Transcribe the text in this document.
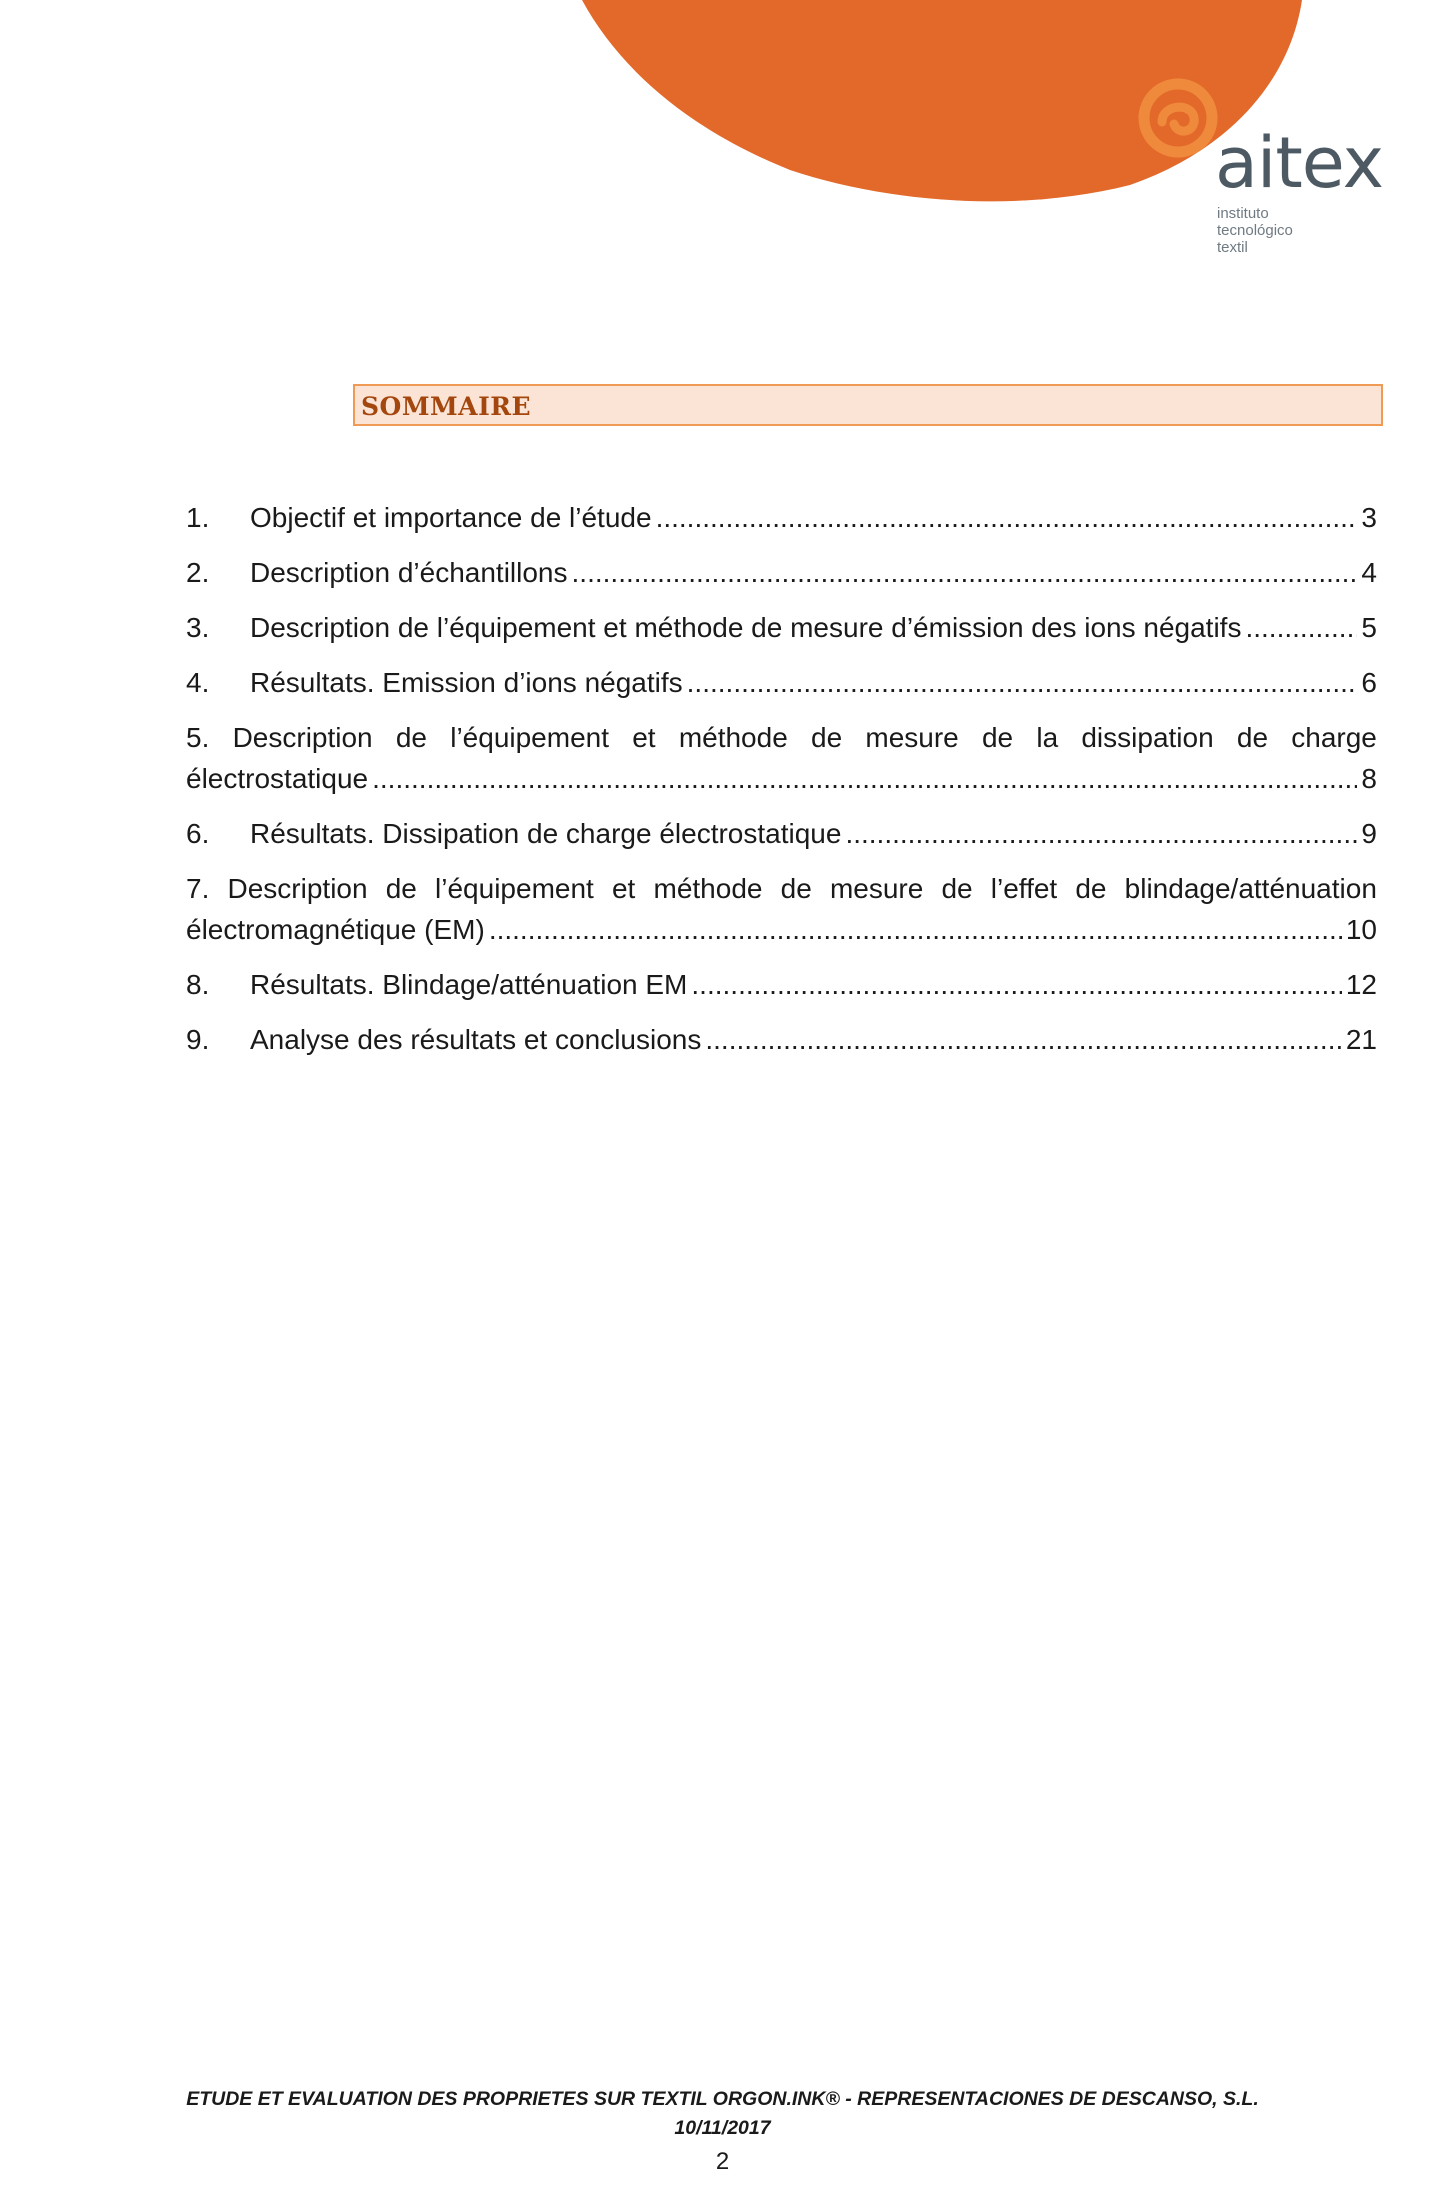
aitex
instituto
tecnológico
textil
SOMMAIRE
1.	Objectif et importance de l’étude .....	3
2.	Description d’échantillons .....	4
3.	Description de l’équipement et méthode de mesure d’émission des ions négatifs .....	5
4.	Résultats. Emission d’ions négatifs .....	6
5. Description de l’équipement et méthode de mesure de la dissipation de charge
électrostatique .....	8
6.	Résultats. Dissipation de charge électrostatique .....	9
7. Description de l’équipement et méthode de mesure de l’effet de blindage/atténuation
électromagnétique (EM) .....	10
8.	Résultats. Blindage/atténuation EM .....	12
9.	Analyse des résultats et conclusions .....	21
ETUDE ET EVALUATION DES PROPRIETES SUR TEXTIL ORGON.INK® - REPRESENTACIONES DE DESCANSO, S.L.
10/11/2017
2
